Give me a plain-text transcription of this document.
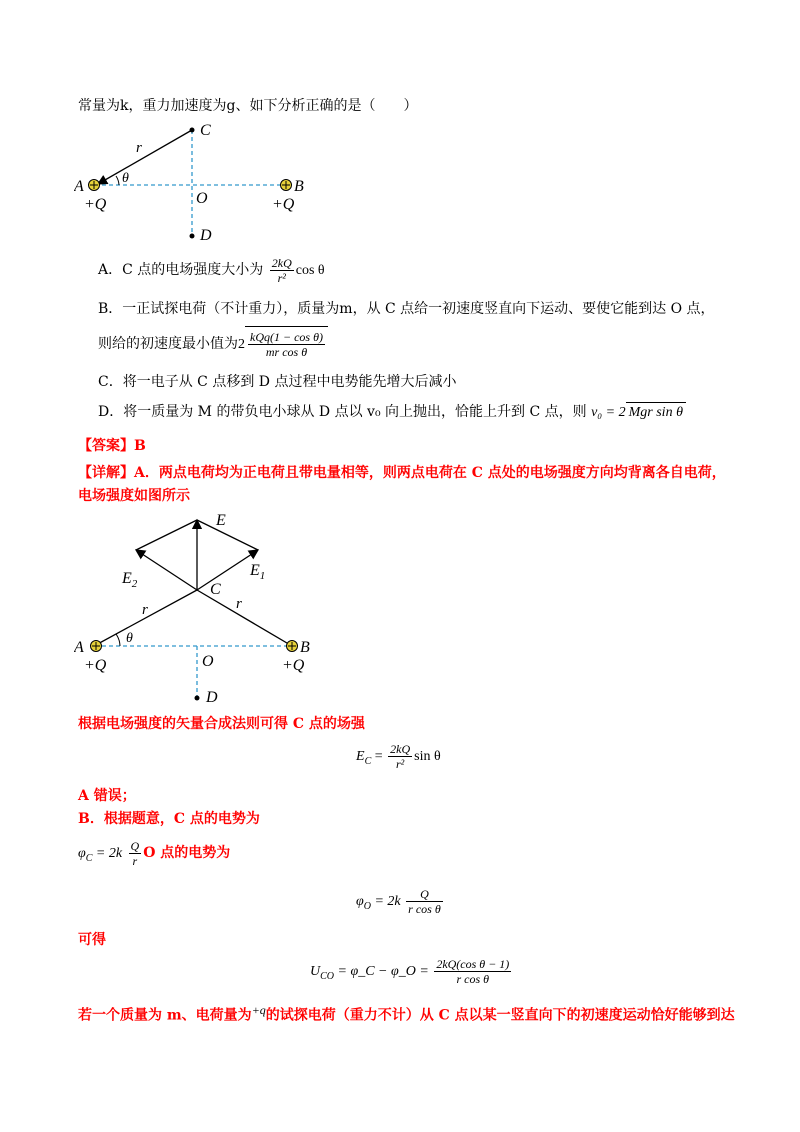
常量为k，重力加速度为g、如下分析正确的是（　　）
C
r
θ
A	B
O
D
+Q	+Q
A．C 点的电场强度大小为 $\frac{2kQ}{\text{r²}}$ cos θ
B．一正试探电荷（不计重力），质量为m，从 C 点给一初速度竖直向下运动、要使它能到达 O 点，
则给的初速度最小值为$2 \frac{\text{kQq(1 − cos θ)}}{\text{mr cos θ}}$
C．将一电子从 C 点移到 D 点过程中电势能先增大后减小
D．将一质量为 M 的带负电小球从 D 点以 v₀ 向上抛出，恰能上升到 C 点，则 v₀ = 2 Mgr sin θ
【答案】B
【详解】A．两点电荷均为正电荷且带电量相等，则两点电荷在 C 点处的电场强度方向均背离各自电荷，
电场强度如图所示
E
$E_2$
$E_1$
C
r	r
θ
A	B
O
D
+Q	+Q
根据电场强度的矢量合成法则可得 C 点的场强
$E_C = \frac{2kQ}{\text{r²}}$ sin θ
A 错误；
B．根据题意，C 点的电势为
$\varphi_C = 2k \frac{Q}{r}$ O 点的电势为
$\varphi_O = 2k \frac{Q}{\text{r cos θ}}$
可得
$U_{CO}$ = φ_C − φ_O = $\frac{\text{2kQ(cos θ − 1)}}{\text{r cos θ}}$
若一个质量为 m、电荷量为$^{+q}$的试探电荷（重力不计）从 C 点以某一竖直向下的初速度运动恰好能够到达
